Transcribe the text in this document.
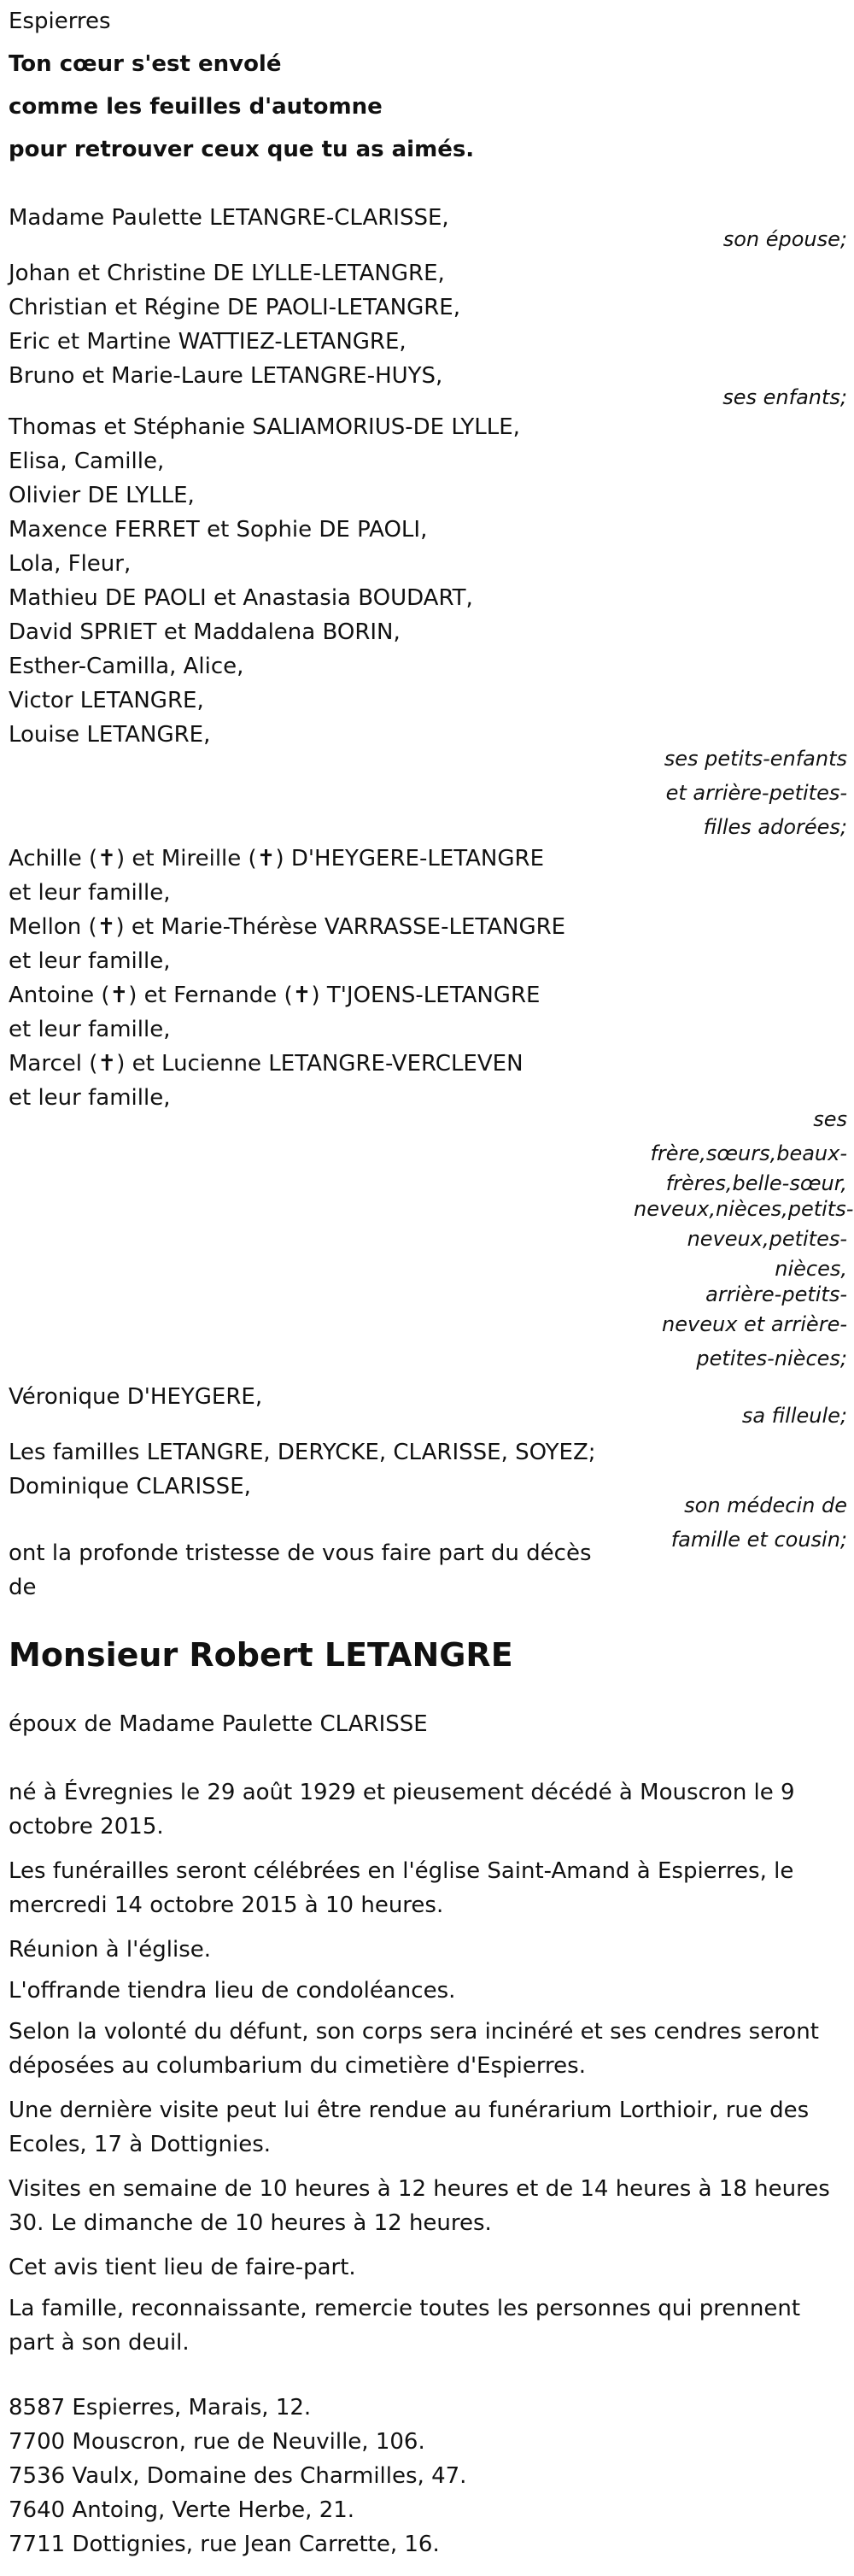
Espierres
Ton cœur s'est envolé
comme les feuilles d'automne
pour retrouver ceux que tu as aimés.
Madame Paulette LETANGRE-CLARISSE,
son épouse;
Johan et Christine DE LYLLE-LETANGRE,
Christian et Régine DE PAOLI-LETANGRE,
Eric et Martine WATTIEZ-LETANGRE,
Bruno et Marie-Laure LETANGRE-HUYS,
ses enfants;
Thomas et Stéphanie SALIAMORIUS-DE LYLLE,
Elisa, Camille,
Olivier DE LYLLE,
Maxence FERRET et Sophie DE PAOLI,
Lola, Fleur,
Mathieu DE PAOLI et Anastasia BOUDART,
David SPRIET et Maddalena BORIN,
Esther-Camilla, Alice,
Victor LETANGRE,
Louise LETANGRE,
ses petits-enfants
et arrière-petites-
filles adorées;
Achille (✝) et Mireille (✝) D'HEYGERE-LETANGRE
et leur famille,
Mellon (✝) et Marie-Thérèse VARRASSE-LETANGRE
et leur famille,
Antoine (✝) et Fernande (✝) T'JOENS-LETANGRE
et leur famille,
Marcel (✝) et Lucienne LETANGRE-VERCLEVEN
et leur famille,
ses
frère,sœurs,beaux-
frères,belle-sœur,
neveux,nièces,petits-
neveux,petites-
nièces,
arrière-petits-
neveux et arrière-
petites-nièces;
Véronique D'HEYGERE,
sa filleule;
Les familles LETANGRE, DERYCKE, CLARISSE, SOYEZ;
Dominique CLARISSE,
son médecin de
famille et cousin;
ont la profonde tristesse de vous faire part du décès
de
Monsieur Robert LETANGRE
époux de Madame Paulette CLARISSE
né à Évregnies le 29 août 1929 et pieusement décédé à Mouscron le 9 octobre 2015.
Les funérailles seront célébrées en l'église Saint-Amand à Espierres, le mercredi 14 octobre 2015 à 10 heures.
Réunion à l'église.
L'offrande tiendra lieu de condoléances.
Selon la volonté du défunt, son corps sera inciné​ré et ses cendres seront déposées au columbarium du cimetière d'Espierres.
Une dernière visite peut lui être rendue au funérarium Lorthioir, rue des Ecoles, 17 à Dottignies.
Visites en semaine de 10 heures à 12 heures et de 14 heures à 18 heures 30. Le dimanche de 10 heures à 12 heures.
Cet avis tient lieu de faire-part.
La famille, reconnaissante, remercie toutes les personnes qui prennent part à son deuil.
8587 Espierres, Marais, 12.
7700 Mouscron, rue de Neuville, 106.
7536 Vaulx, Domaine des Charmilles, 47.
7640 Antoing, Verte Herbe, 21.
7711 Dottignies, rue Jean Carrette, 16.
